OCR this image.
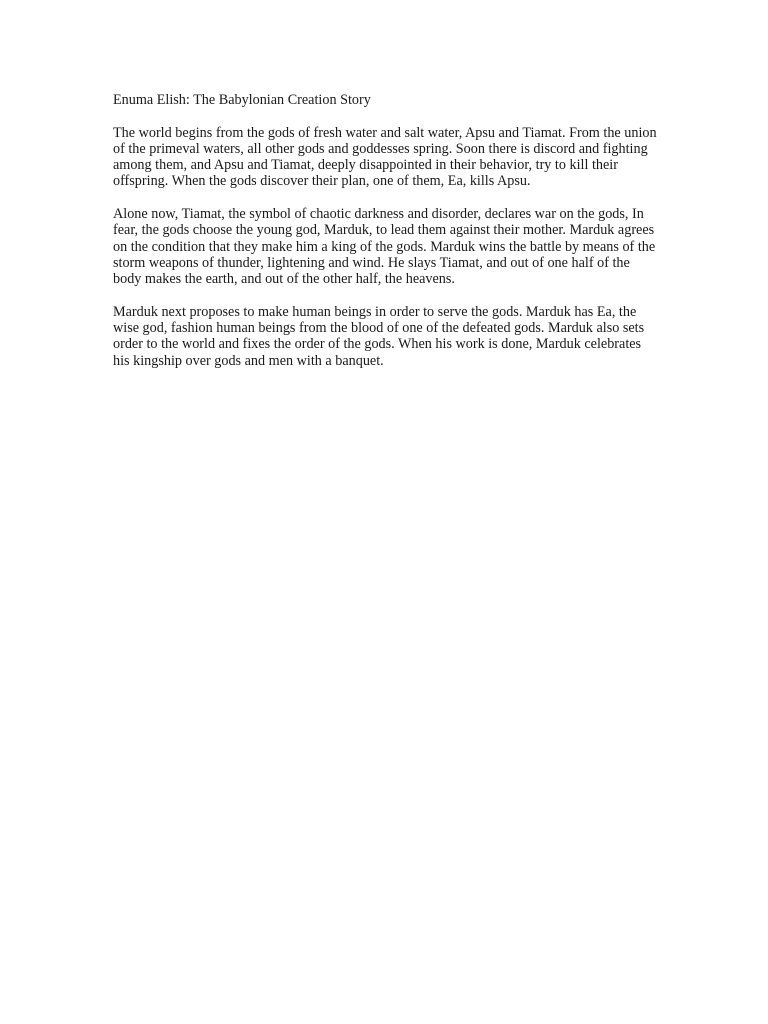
Enuma Elish: The Babylonian Creation Story

The world begins from the gods of fresh water and salt water, Apsu and Tiamat. From the union of the primeval waters, all other gods and goddesses spring. Soon there is discord and fighting among them, and Apsu and Tiamat, deeply disappointed in their behavior, try to kill their offspring. When the gods discover their plan, one of them, Ea, kills Apsu.

Alone now, Tiamat, the symbol of chaotic darkness and disorder, declares war on the gods, In fear, the gods choose the young god, Marduk, to lead them against their mother. Marduk agrees on the condition that they make him a king of the gods. Marduk wins the battle by means of the storm weapons of thunder, lightening and wind. He slays Tiamat, and out of one half of the body makes the earth, and out of the other half, the heavens.

Marduk next proposes to make human beings in order to serve the gods. Marduk has Ea, the wise god, fashion human beings from the blood of one of the defeated gods. Marduk also sets order to the world and fixes the order of the gods. When his work is done, Marduk celebrates his kingship over gods and men with a banquet.
